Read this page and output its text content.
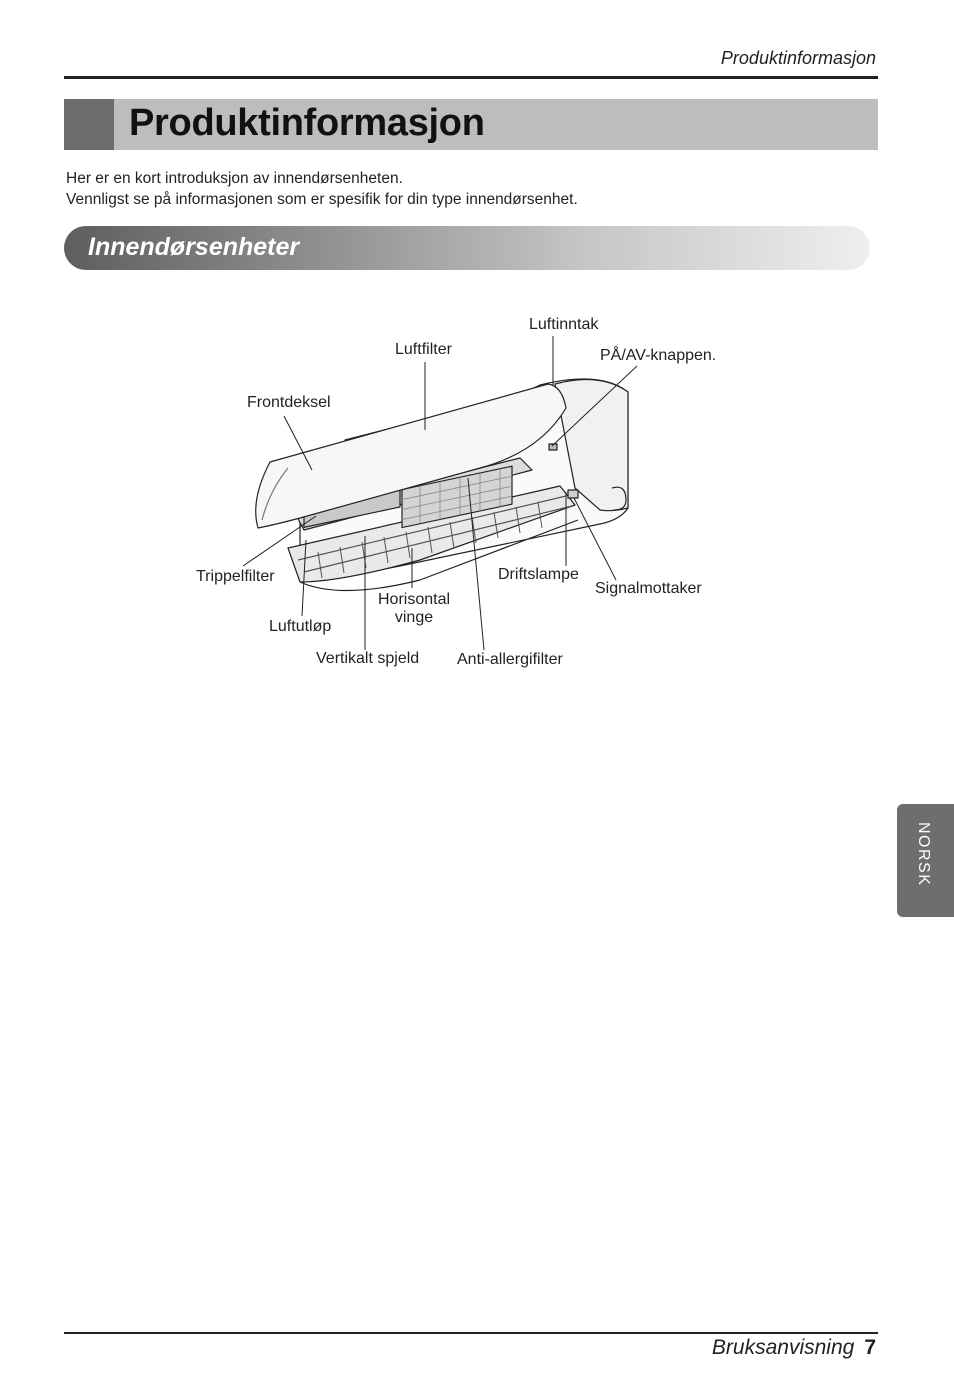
Produktinformasjon
Produktinformasjon
Her er en kort introduksjon av innendørsenheten.
Vennligst se på informasjonen som er spesifik for din type innendørsenhet.
Innendørsenheter
Luftinntak
Luftfilter	PÅ/AV-knappen.
Frontdeksel
Trippelfilter	Driftslampe
Signalmottaker
Horisontal
vinge
Luftutløp
Vertikalt spjeld Anti-allergifilter
NORSK
Bruksanvisning 7
